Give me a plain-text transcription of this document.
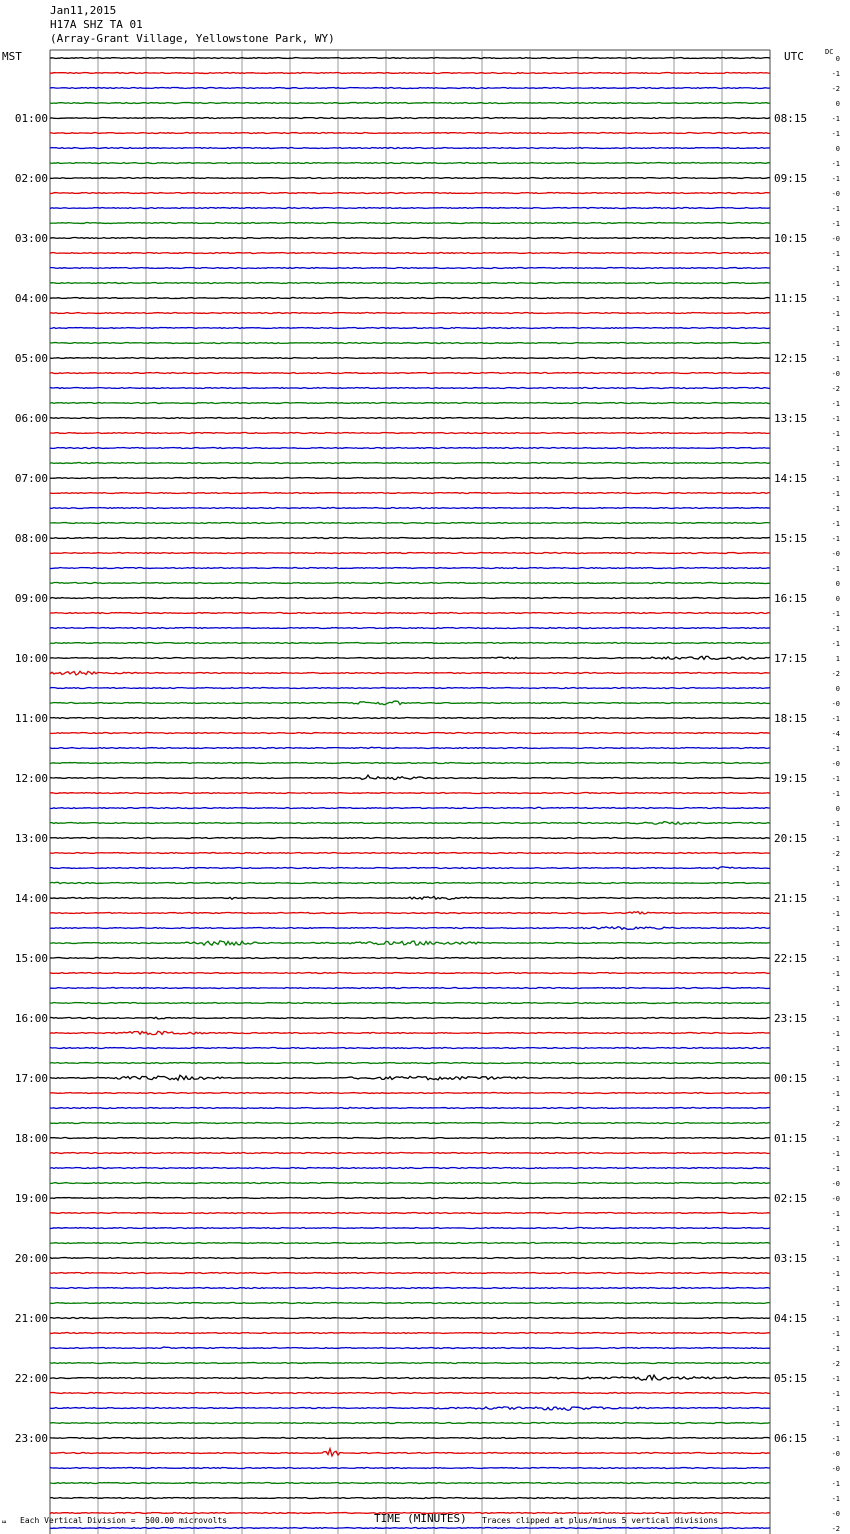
Jan11,2015
H17A SHZ TA 01
(Array-Grant Village, Yellowstone Park, WY)
MST	UTC	DC
0
-1
-2
0
-1
-1
0
-1
-1
-0
-1
-1
-0
-1
-1
-1
-1
-1
-1
-1
-1
-0
-2
-1
-1
-1
-1
-1
-1
-1
-1
-1
-1
-0
-1
0
0
-1
-1
-1
1
-2
0
-0
-1
-4
-1
-0
-1
-1
0
-1
-1
-2
-1
-1
-1
-1
-1
-1
-1
-1
-1
-1
-1
-1
-1
-1
-1
-1
-1
-2
-1
-1
-1
-0
-0
-1
-1
-1
-1
-1
-1
-1
-1
-1
-1
-2
-1
-1
-1
-1
-1
-0
-0
-1
-1
-0
-2
01:00
02:00
03:00
04:00
05:00
06:00
07:00
08:00
09:00
10:00
11:00
12:00
13:00
14:00
15:00
16:00
17:00
18:00
19:00
20:00
21:00
22:00
23:00
08:15
09:15
10:15
11:15
12:15
13:15
14:15
15:15
16:15
17:15
18:15
19:15
20:15
21:15
22:15
23:15
00:15
01:15
02:15
03:15
04:15
05:15
06:15
⧢ Each Vertical Division =  500.00 microvolts	TIME (MINUTES) Traces clipped at plus/minus 5 vertical divisions
